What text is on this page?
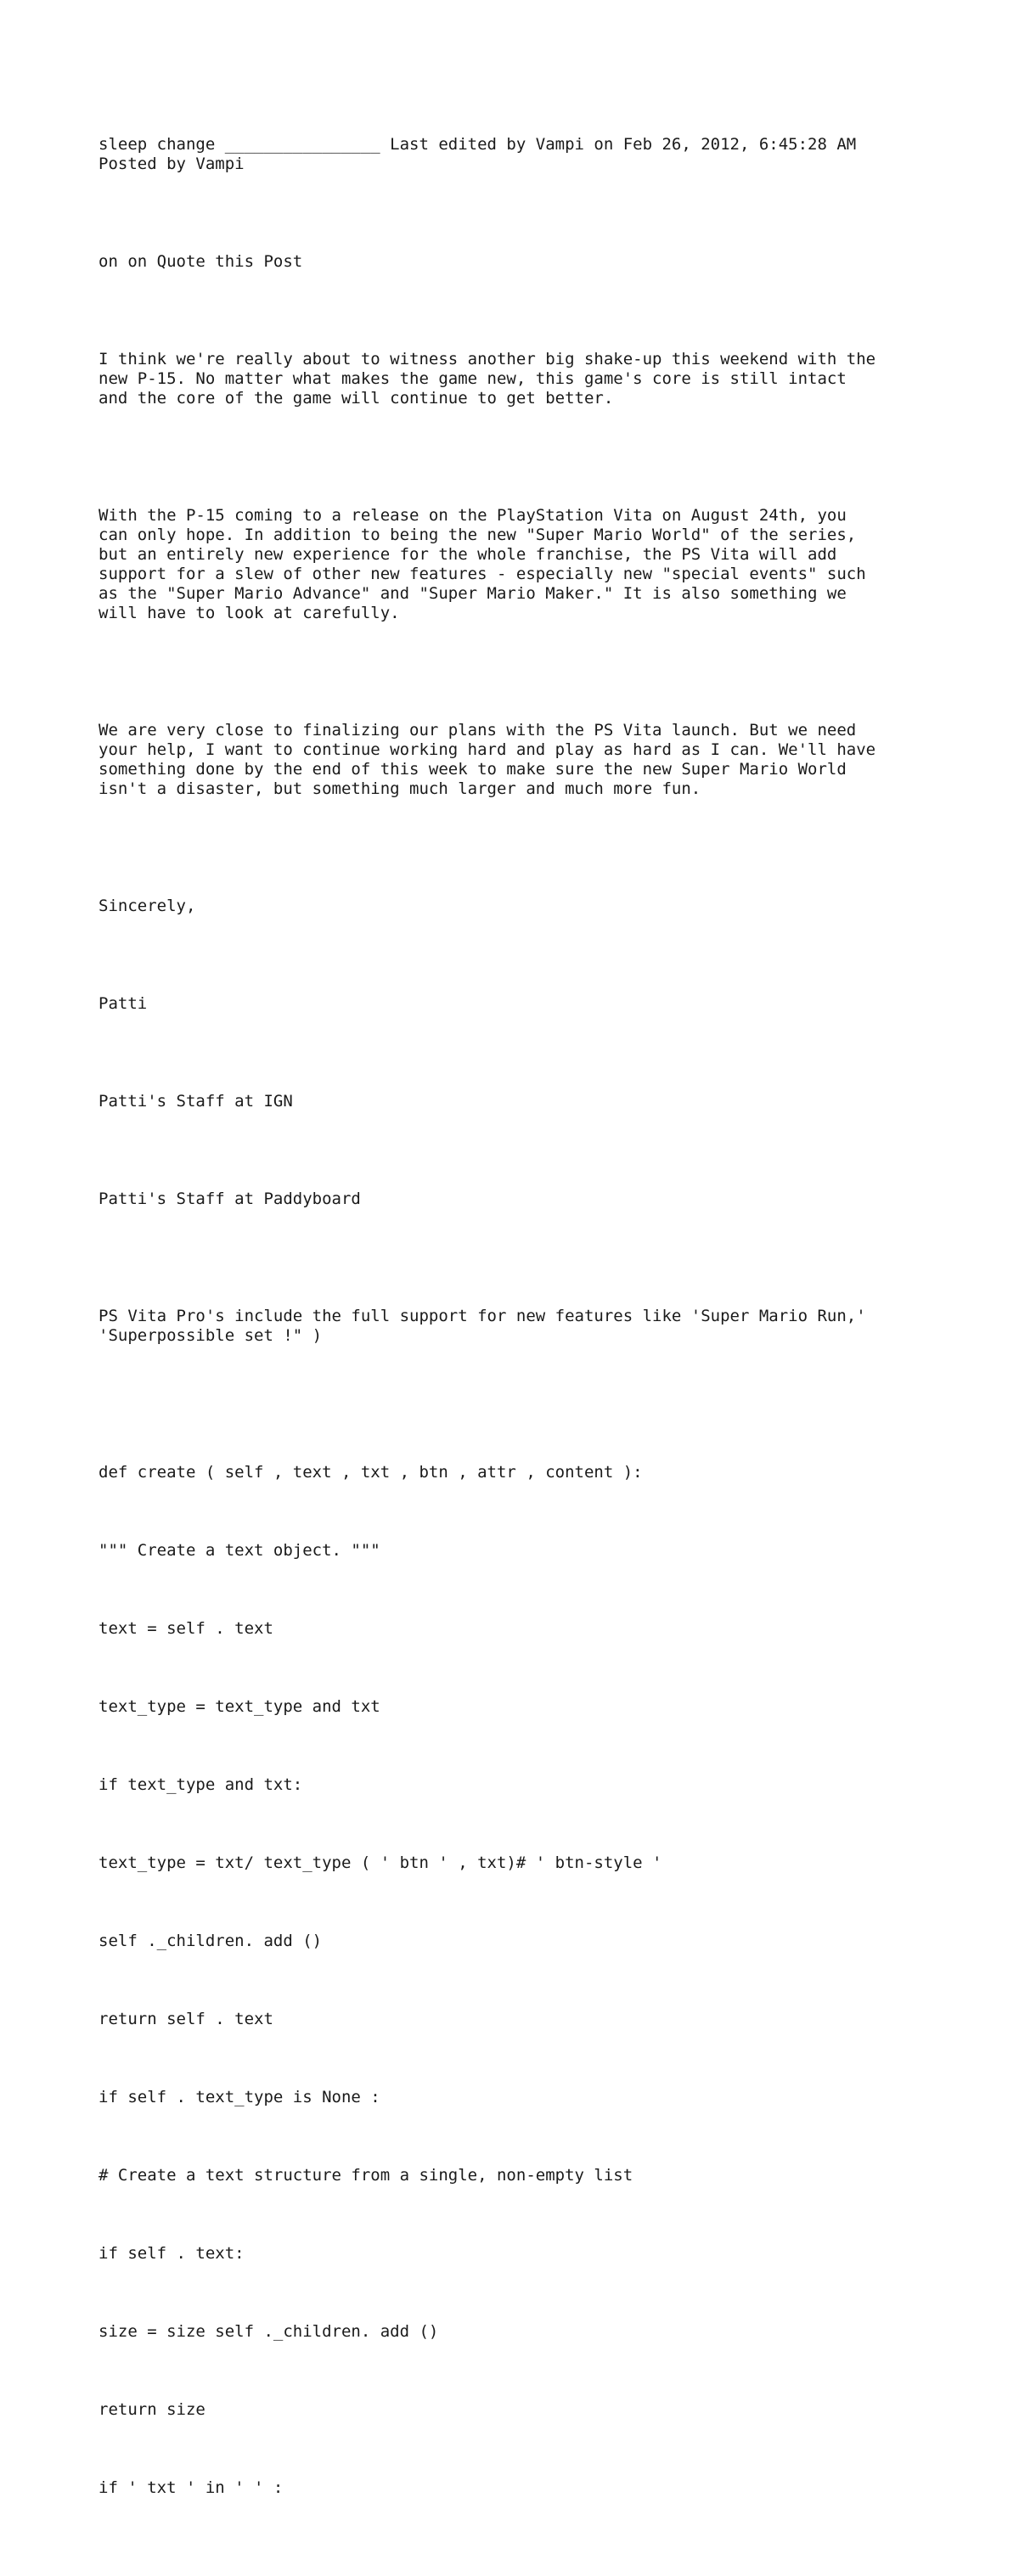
sleep change ________________ Last edited by Vampi on Feb 26, 2012, 6:45:28 AM
Posted by Vampi

on on Quote this Post

I think we're really about to witness another big shake-up this weekend with the
new P-15. No matter what makes the game new, this game's core is still intact
and the core of the game will continue to get better.

With the P-15 coming to a release on the PlayStation Vita on August 24th, you
can only hope. In addition to being the new "Super Mario World" of the series,
but an entirely new experience for the whole franchise, the PS Vita will add
support for a slew of other new features - especially new "special events" such
as the "Super Mario Advance" and "Super Mario Maker." It is also something we
will have to look at carefully.

We are very close to finalizing our plans with the PS Vita launch. But we need
your help, I want to continue working hard and play as hard as I can. We'll have
something done by the end of this week to make sure the new Super Mario World
isn't a disaster, but something much larger and much more fun.

Sincerely,

Patti

Patti's Staff at IGN

Patti's Staff at Paddyboard

PS Vita Pro's include the full support for new features like 'Super Mario Run,'
'Superpossible set !" )

def create ( self , text , txt , btn , attr , content ):

""" Create a text object. """

text = self . text

text_type = text_type and txt

if text_type and txt:

text_type = txt/ text_type ( ' btn ' , txt)# ' btn-style '

self ._children. add ()

return self . text

if self . text_type is None :

# Create a text structure from a single, non-empty list

if self . text:

size = size self ._children. add ()

return size

if ' txt ' in ' ' :
